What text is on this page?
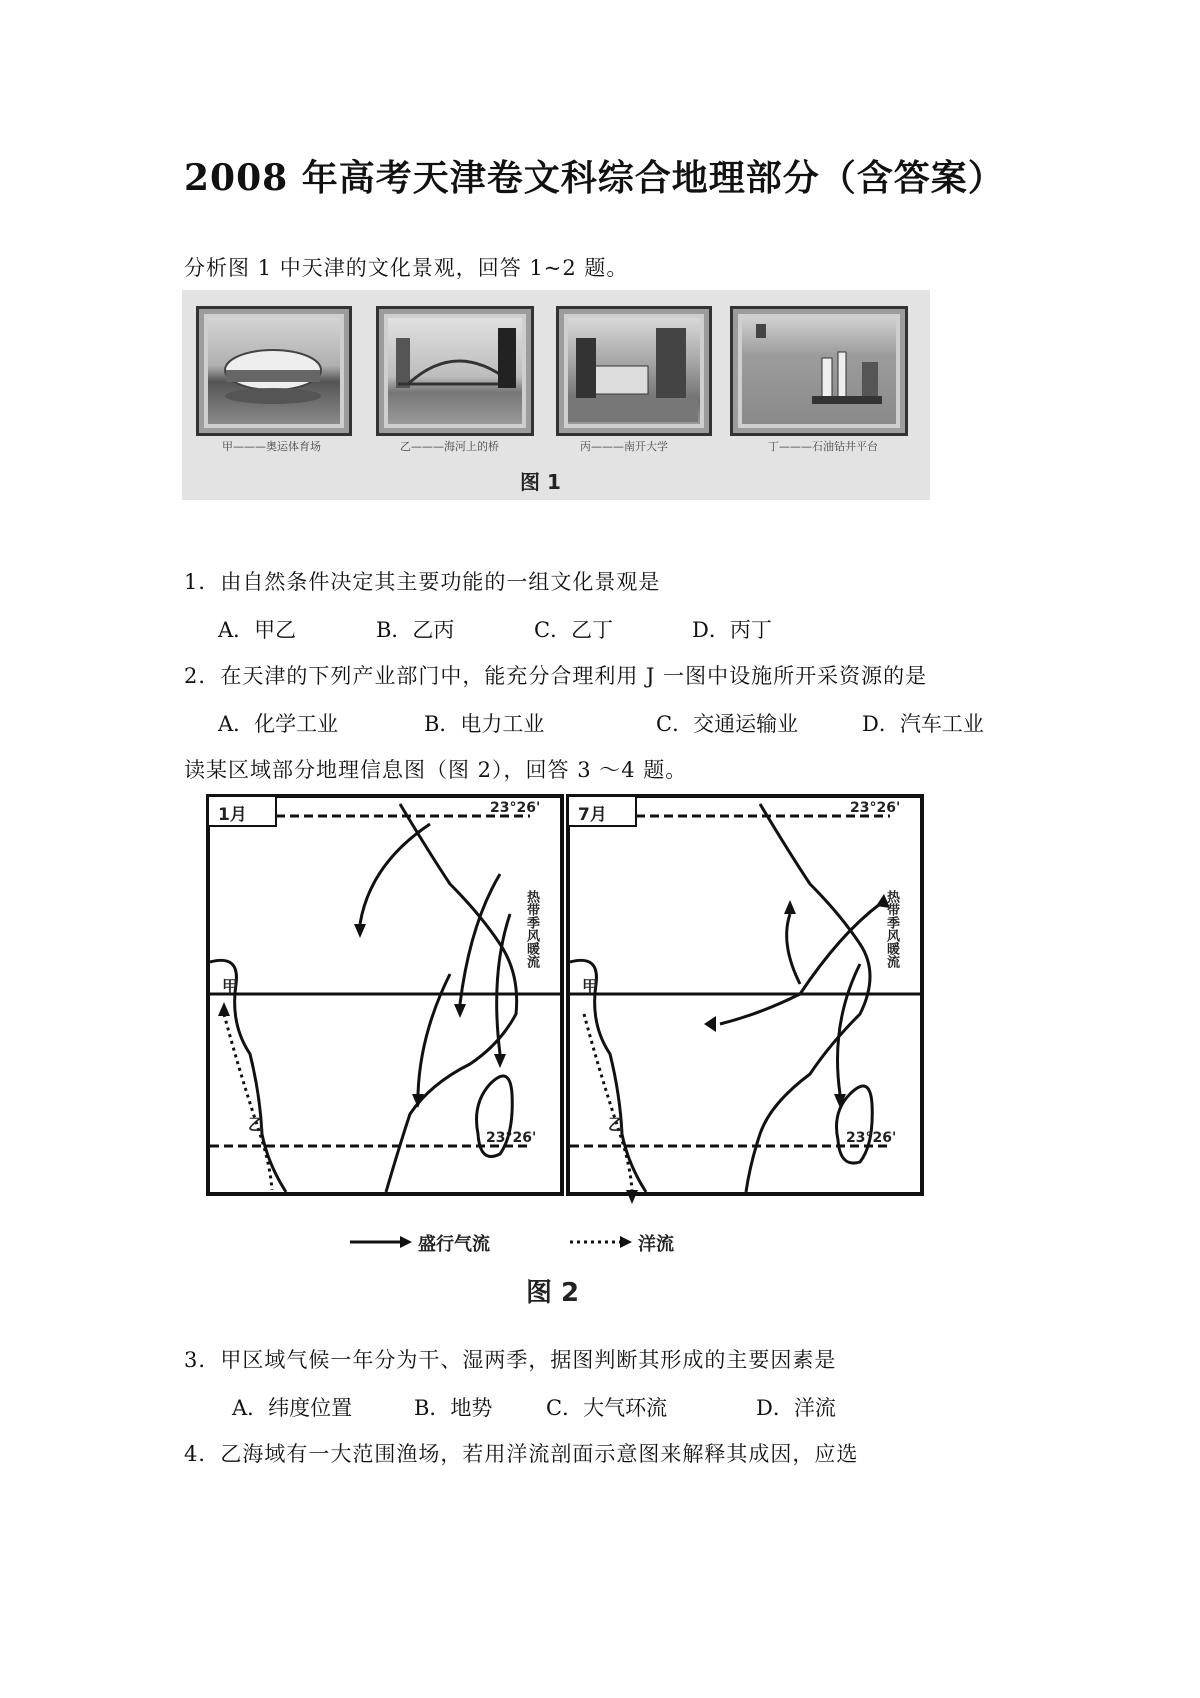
2008 年高考天津卷文科综合地理部分（含答案）
分析图 1 中天津的文化景观，回答 1~2 题。
甲———奥运体育场	乙———海河上的桥	丙———南开大学	丁———石油钻井平台
图 1
1．由自然条件决定其主要功能的一组文化景观是
A．甲乙	B．乙丙	C．乙丁	D．丙丁
2．在天津的下列产业部门中，能充分合理利用 J 一图中设施所开采资源的是
A．化学工业	B．电力工业	C．交通运输业	D．汽车工业
读某区域部分地理信息图（图 2），回答 3 ～4 题。
1月	7月
23°26'	23°26'
23°26'	23°26'
甲	甲
乙	乙
热带季风暖流	热带季风暖流
盛行气流	洋流
图 2
3．甲区域气候一年分为干、湿两季，据图判断其形成的主要因素是
A．纬度位置	B．地势	C．大气环流	D．洋流
4．乙海域有一大范围渔场，若用洋流剖面示意图来解释其成因，应选
